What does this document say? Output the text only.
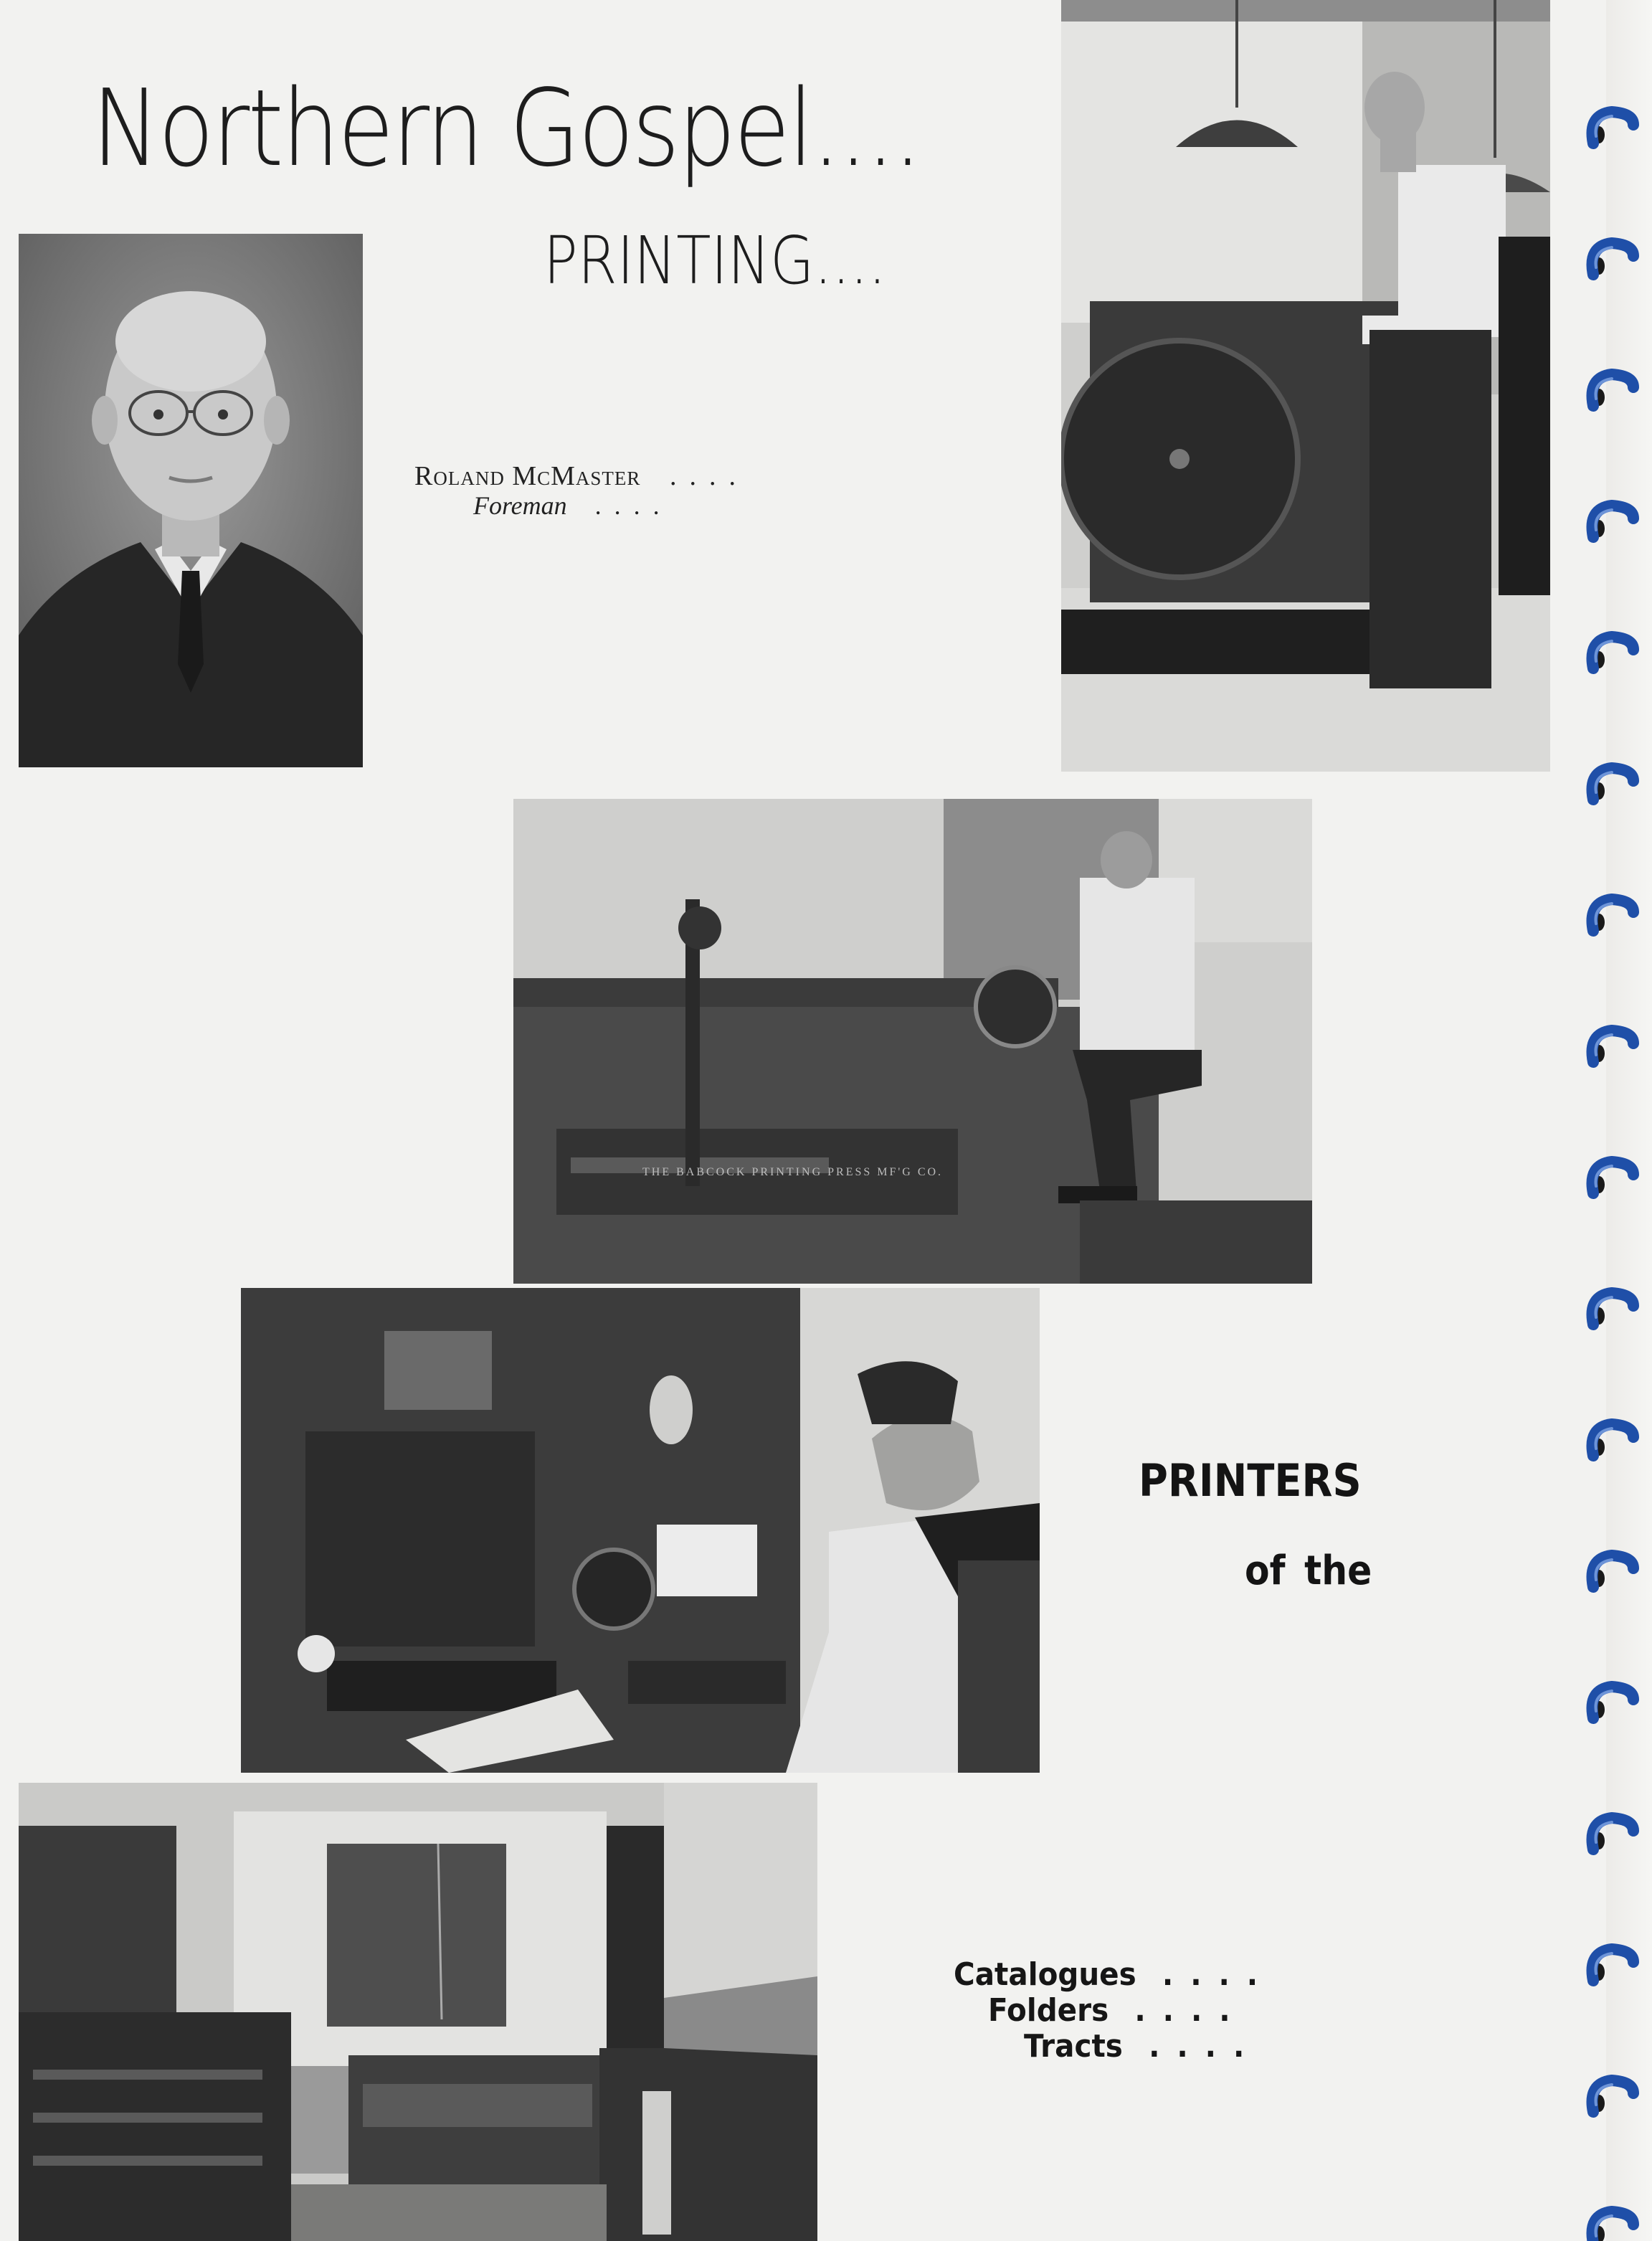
Northern Gospel....
PRINTING....
Roland McMaster ....
Foreman ....
THE BABCOCK PRINTING PRESS MF'G CO.
PRINTERS
of the
Catalogues ....
Folders ....
Tracts ....
